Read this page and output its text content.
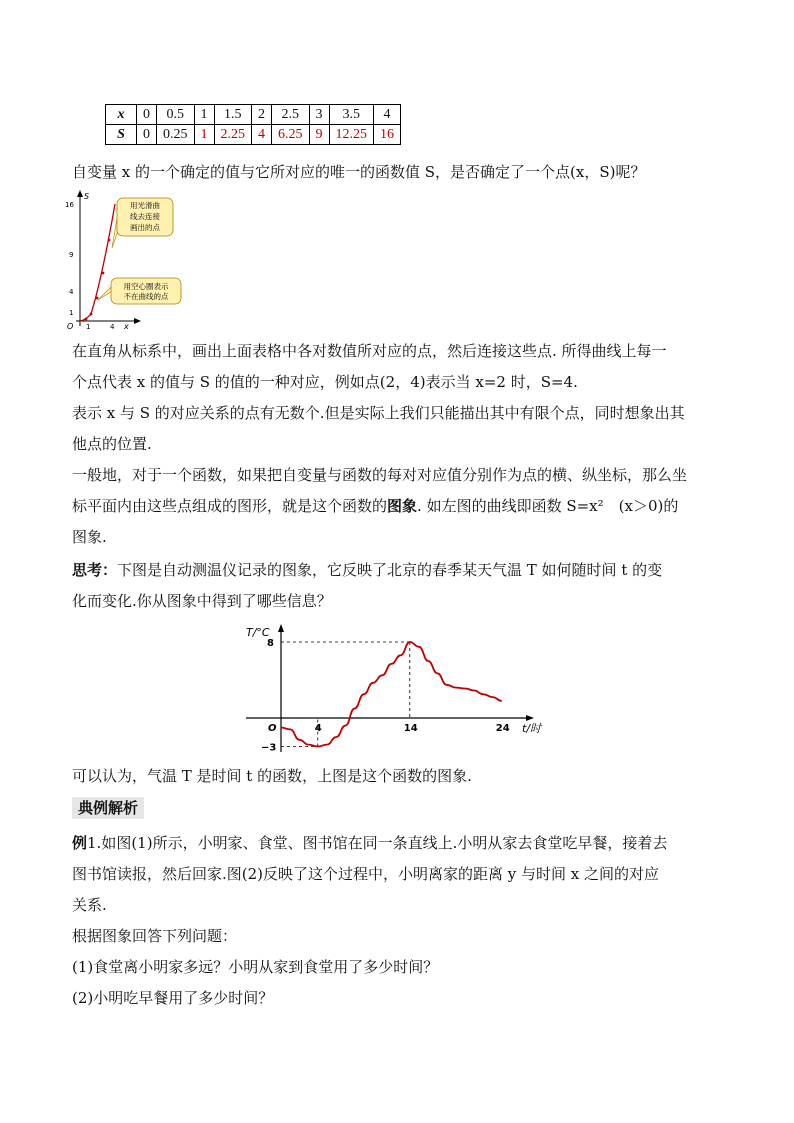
x	0	0.5	1	1.5	2	2.5	3	3.5	4
S	0	0.25	1	2.25	4	6.25	9	12.25	16
自变量 x 的一个确定的值与它所对应的唯一的函数值 S，是否确定了一个点(x，S)呢？
S
x
16
9
4
1
O 1	4
用光滑曲
线去连接
画出的点
用空心圈表示
不在曲线的点
在直角从标系中，画出上面表格中各对数值所对应的点，然后连接这些点. 所得曲线上每一
个点代表 x 的值与 S 的值的一种对应，例如点(2，4)表示当 x=2 时，S=4.
表示 x 与 S 的对应关系的点有无数个.但是实际上我们只能描出其中有限个点，同时想象出其
他点的位置.
一般地，对于一个函数，如果把自变量与函数的每对对应值分别作为点的横、纵坐标，那么坐
标平面内由这些点组成的图形，就是这个函数的图象. 如左图的曲线即函数 S=x²　(x＞0)的
图象.
思考：下图是自动测温仪记录的图象，它反映了北京的春季某天气温 T 如何随时间 t 的变
化而变化.你从图象中得到了哪些信息？
T/°C
t/时
O
8
−3
4	14	24
可以认为，气温 T 是时间 t 的函数，上图是这个函数的图象.
典例解析
例1.如图(1)所示，小明家、食堂、图书馆在同一条直线上.小明从家去食堂吃早餐，接着去
图书馆读报，然后回家.图(2)反映了这个过程中，小明离家的距离 y 与时间 x 之间的对应
关系.
根据图象回答下列问题：
(1)食堂离小明家多远？小明从家到食堂用了多少时间？
(2)小明吃早餐用了多少时间？
